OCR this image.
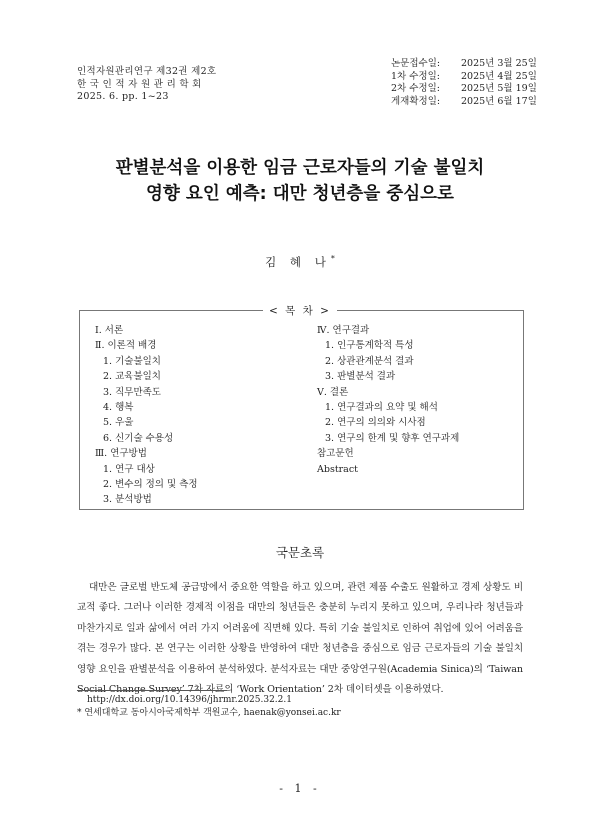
인적자원관리연구 제32권 제2호
한 국 인 적 자 원 관 리 학 회
2025. 6. pp. 1~23
논문접수일: 2025년 3월 25일
1차 수정일: 2025년 4월 25일
2차 수정일: 2025년 5월 19일
게재확정일: 2025년 6월 17일
판별분석을 이용한 임금 근로자들의 기술 불일치
영향 요인 예측: 대만 청년층을 중심으로
김 혜 나*
Ⅰ. 서론
Ⅱ. 이론적 배경
1. 기술불일치
2. 교육불일치
3. 직무만족도
4. 행복
5. 우울
6. 신기술 수용성
Ⅲ. 연구방법
1. 연구 대상
2. 변수의 정의 및 측정
3. 분석방법
Ⅳ. 연구결과
1. 인구통계학적 특성
2. 상관관계분석 결과
3. 판별분석 결과
Ⅴ. 결론
1. 연구결과의 요약 및 해석
2. 연구의 의의와 시사점
3. 연구의 한계 및 향후 연구과제
참고문헌
Abstract
< 목 차 >
국문초록
대만은 글로벌 반도체 공급망에서 중요한 역할을 하고 있으며, 관련 제품 수출도 원활하고 경제 상황도 비교적 좋다. 그러나 이러한 경제적 이점을 대만의 청년들은 충분히 누리지 못하고 있으며, 우리나라 청년들과 마찬가지로 일과 삶에서 여러 가지 어려움에 직면해 있다. 특히 기술 불일치로 인하여 취업에 있어 어려움을 겪는 경우가 많다. 본 연구는 이러한 상황을 반영하여 대만 청년층을 중심으로 임금 근로자들의 기술 불일치 영향 요인을 판별분석을 이용하여 분석하였다. 분석자료는 대만 중앙연구원(Academia Sinica)의 ‘Taiwan Social Change Survey’ 7차 자료의 ‘Work Orientation’ 2차 데이터셋을 이용하였다.
http://dx.doi.org/10.14396/jhrmr.2025.32.2.1
* 연세대학교 동아시아국제학부 객원교수, haenak@yonsei.ac.kr
- 1 -
